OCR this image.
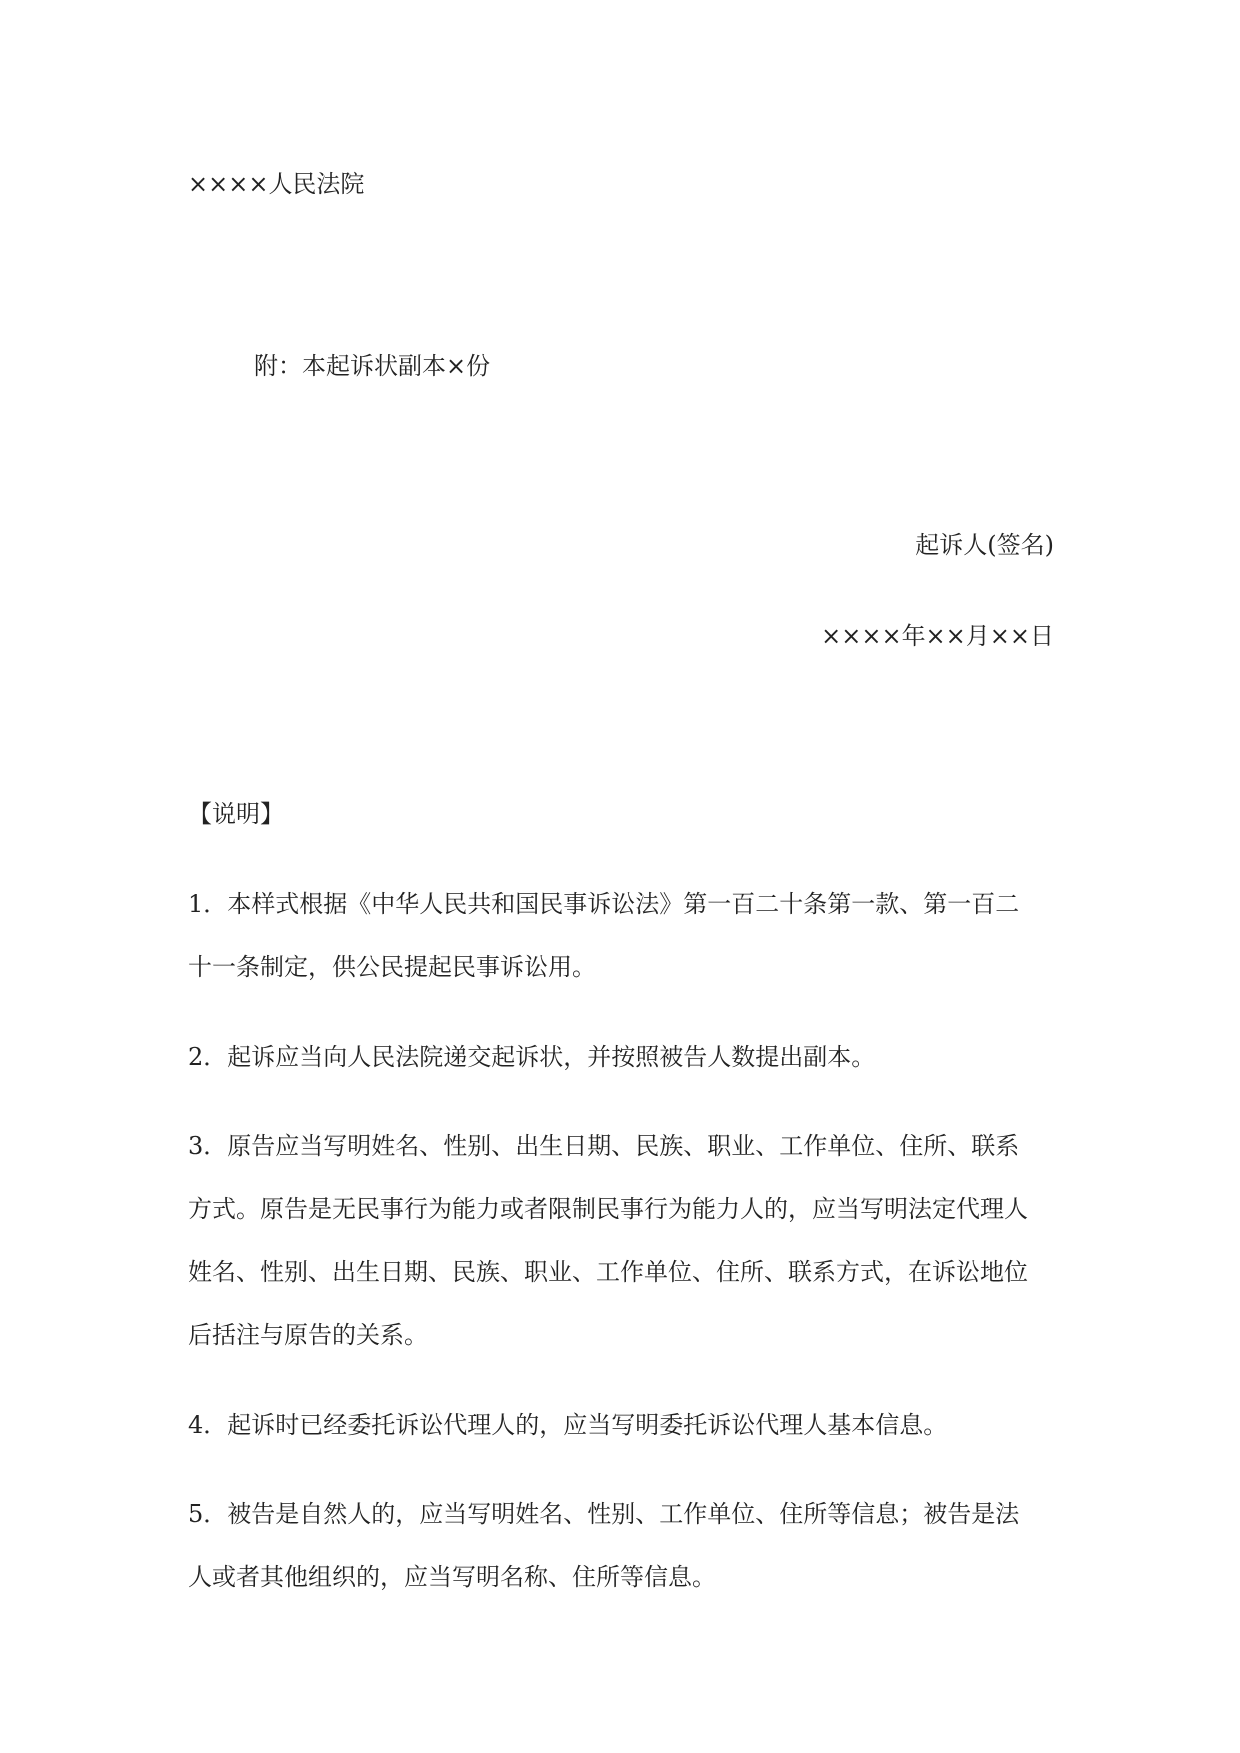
××××人民法院
附：本起诉状副本×份
起诉人(签名)
××××年××月××日
【说明】
1．本样式根据《中华人民共和国民事诉讼法》第一百二十条第一款、第一百二
十一条制定，供公民提起民事诉讼用。
2．起诉应当向人民法院递交起诉状，并按照被告人数提出副本。
3．原告应当写明姓名、性别、出生日期、民族、职业、工作单位、住所、联系
方式。原告是无民事行为能力或者限制民事行为能力人的，应当写明法定代理人
姓名、性别、出生日期、民族、职业、工作单位、住所、联系方式，在诉讼地位
后括注与原告的关系。
4．起诉时已经委托诉讼代理人的，应当写明委托诉讼代理人基本信息。
5．被告是自然人的，应当写明姓名、性别、工作单位、住所等信息；被告是法
人或者其他组织的，应当写明名称、住所等信息。
